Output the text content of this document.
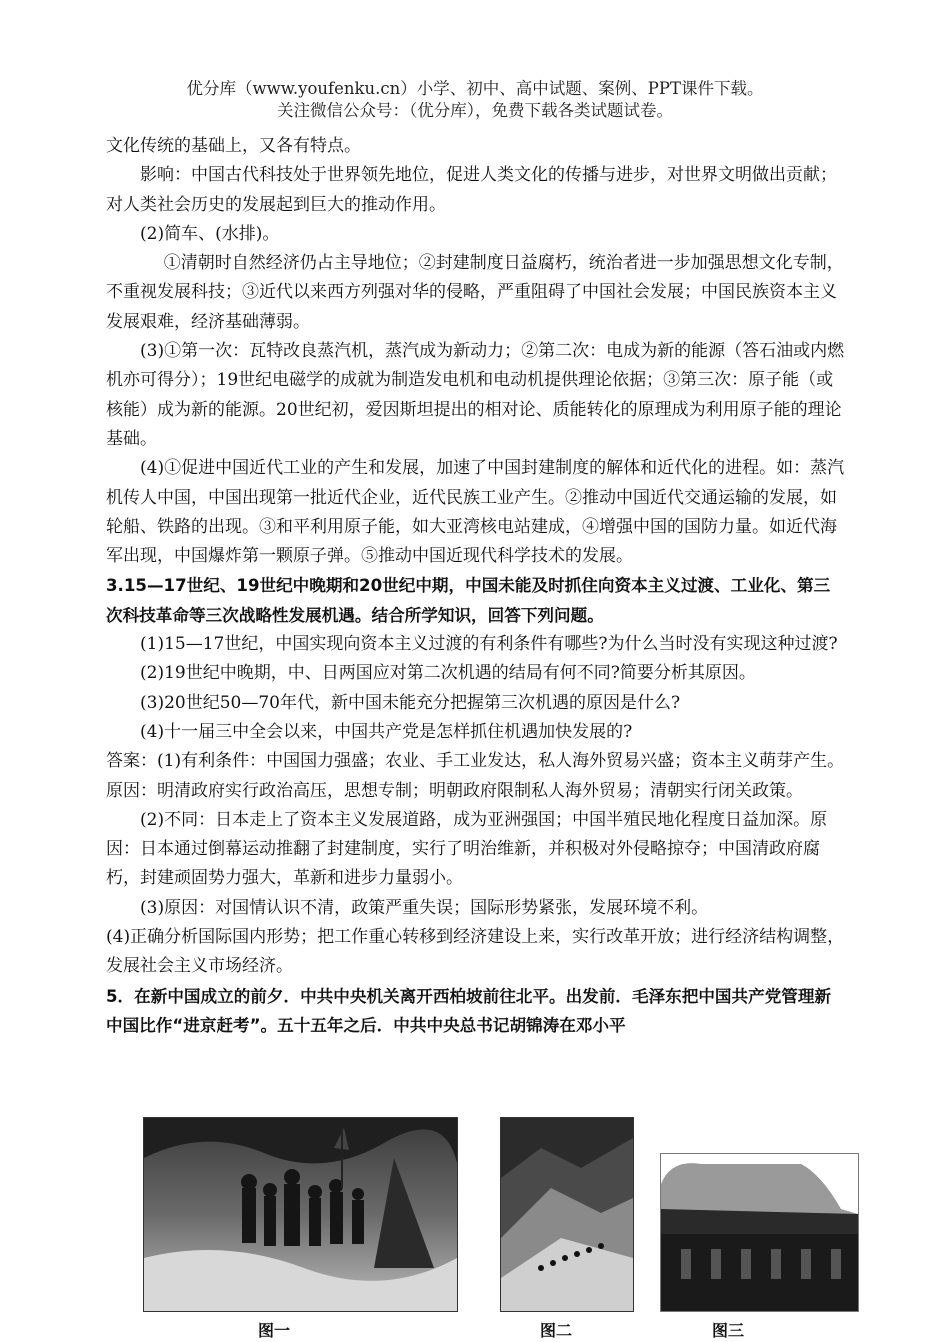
优分库（www.youfenku.cn）小学、初中、高中试题、案例、PPT课件下载。
关注微信公众号：（优分库），免费下载各类试题试卷。

文化传统的基础上，又各有特点。

影响：中国古代科技处于世界领先地位，促进人类文化的传播与进步，对世界文明做出贡献；对人类社会历史的发展起到巨大的推动作用。

(2)简车、(水排)。

①清朝时自然经济仍占主导地位；②封建制度日益腐朽，统治者进一步加强思想文化专制，不重视发展科技；③近代以来西方列强对华的侵略，严重阻碍了中国社会发展；中国民族资本主义发展艰难，经济基础薄弱。

(3)①第一次：瓦特改良蒸汽机，蒸汽成为新动力；②第二次：电成为新的能源（答石油或内燃机亦可得分）；19世纪电磁学的成就为制造发电机和电动机提供理论依据；③第三次：原子能（或核能）成为新的能源。20世纪初，爱因斯坦提出的相对论、质能转化的原理成为利用原子能的理论基础。

(4)①促进中国近代工业的产生和发展，加速了中国封建制度的解体和近代化的进程。如：蒸汽机传人中国，中国出现第一批近代企业，近代民族工业产生。②推动中国近代交通运输的发展，如轮船、铁路的出现。③和平利用原子能，如大亚湾核电站建成，④增强中国的国防力量。如近代海军出现，中国爆炸第一颗原子弹。⑤推动中国近现代科学技术的发展。

3.15—17世纪、19世纪中晚期和20世纪中期，中国未能及时抓住向资本主义过渡、工业化、第三次科技革命等三次战略性发展机遇。结合所学知识，回答下列问题。

(1)15—17世纪，中国实现向资本主义过渡的有利条件有哪些?为什么当时没有实现这种过渡?

(2)19世纪中晚期，中、日两国应对第二次机遇的结局有何不同?简要分析其原因。

(3)20世纪50—70年代，新中国未能充分把握第三次机遇的原因是什么?

(4)十一届三中全会以来，中国共产党是怎样抓住机遇加快发展的?

答案：(1)有利条件：中国国力强盛；农业、手工业发达，私人海外贸易兴盛；资本主义萌芽产生。原因：明清政府实行政治高压，思想专制；明朝政府限制私人海外贸易；清朝实行闭关政策。

(2)不同：日本走上了资本主义发展道路，成为亚洲强国；中国半殖民地化程度日益加深。原因：日本通过倒幕运动推翻了封建制度，实行了明治维新，并积极对外侵略掠夺；中国清政府腐朽，封建顽固势力强大，革新和进步力量弱小。

(3)原因：对国情认识不清，政策严重失误；国际形势紧张，发展环境不利。

(4)正确分析国际国内形势；把工作重心转移到经济建设上来，实行改革开放；进行经济结构调整，发展社会主义市场经济。

5．在新中国成立的前夕．中共中央机关离开西柏坡前往北平。出发前．毛泽东把中国共产党管理新中国比作“进京赶考”。五十五年之后．中共中央总书记胡锦涛在邓小平

图一	图二	图三
